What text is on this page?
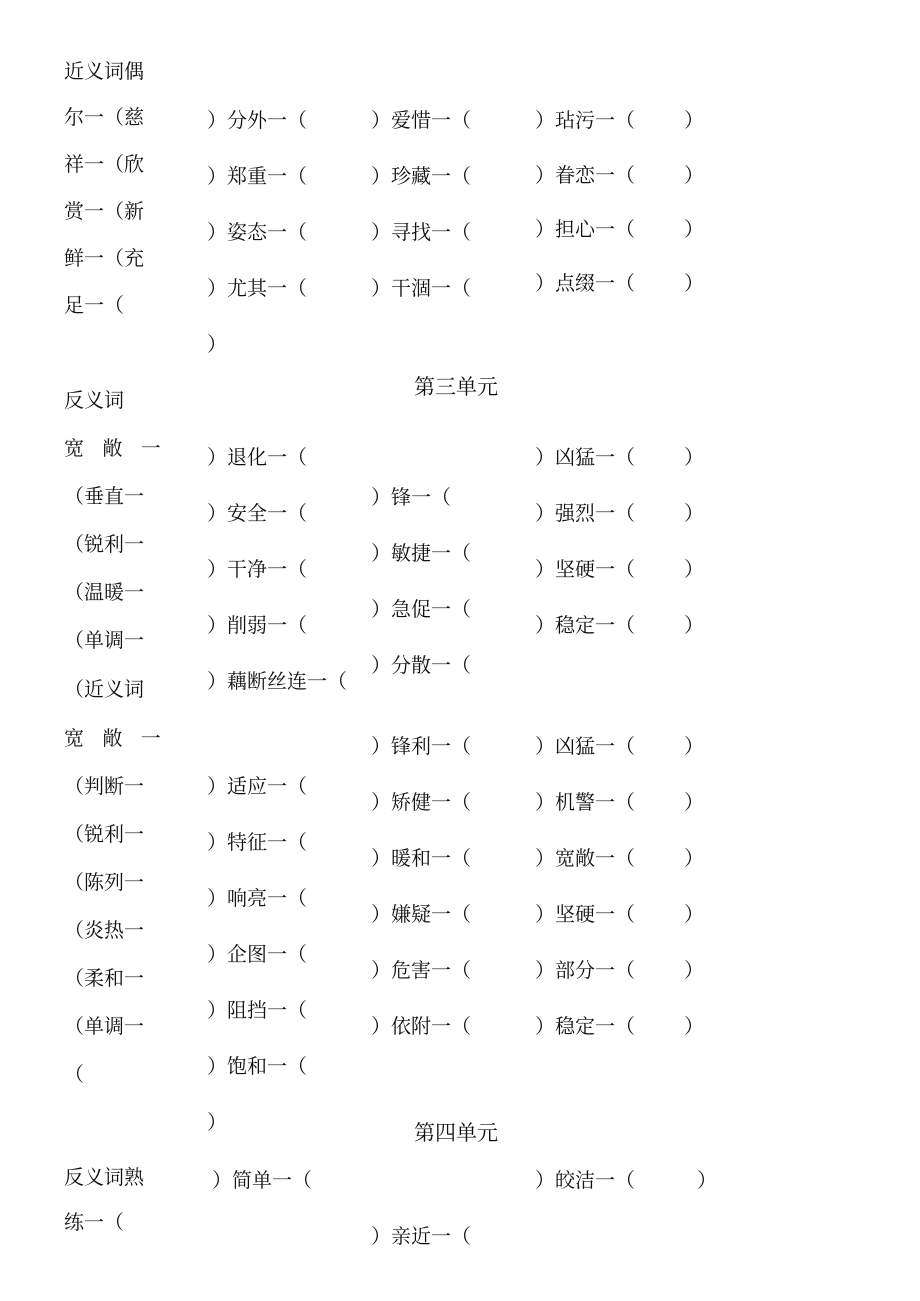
近义词偶
尔一（慈
祥一（欣
赏一（新
鲜一（充
足一（
）分外一（
）郑重一（
）姿态一（
）尤其一（
）
）爱惜一（
）珍藏一（
）寻找一（
）干涸一（
）玷污一（
）眷恋一（
）担心一（
）点缀一（
）
）
）
）
第三单元
反义词
宽 敞 一
（垂直一
（锐利一
（温暖一
（单调一
）退化一（
）安全一（
）干净一（
）削弱一（
）藕断丝连一（
）锋一（
）敏捷一（
）急促一（
）分散一（
）凶猛一（
）强烈一（
）坚硬一（
）稳定一（
）
）
）
）
（近义词
宽 敞 一
（判断一
（锐利一
（陈列一
（炎热一
（柔和一
（单调一
（
）适应一（
）特征一（
）响亮一（
）企图一（
）阻挡一（
）饱和一（
）
）锋利一（
）矫健一（
）暖和一（
）嫌疑一（
）危害一（
）依附一（
）凶猛一（
）机警一（
）宽敞一（
）坚硬一（
）部分一（
）稳定一（
）
）
）
）
）
）
第四单元
反义词熟
练一（
）简单一（
）亲近一（
）皎洁一（	）
